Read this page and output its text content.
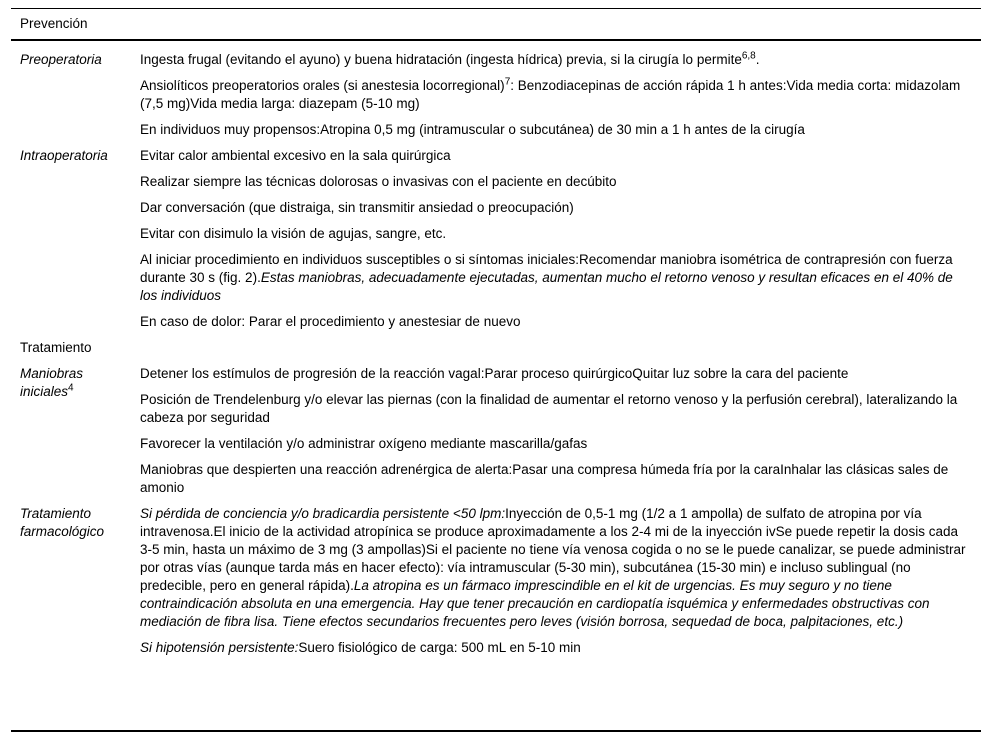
Prevención
Preoperatoria	Ingesta frugal (evitando el ayuno) y buena hidratación (ingesta hídrica) previa, si la cirugía lo permite$^{6,8}$.

Ansiolíticos preoperatorios orales (si anestesia locorregional)$^7$: Benzodiacepinas de acción rápida 1 h antes:Vida media corta: midazolam (7,5 mg)Vida media larga: diazepam (5-10 mg)

En individuos muy propensos:Atropina 0,5 mg (intramuscular o subcutánea) de 30 min a 1 h antes de la cirugía

Intraoperatoria	Evitar calor ambiental excesivo en la sala quirúrgica

Realizar siempre las técnicas dolorosas o invasivas con el paciente en decúbito

Dar conversación (que distraiga, sin transmitir ansiedad o preocupación)

Evitar con disimulo la visión de agujas, sangre, etc.

Al iniciar procedimiento en individuos susceptibles o si síntomas iniciales:Recomendar maniobra isométrica de contrapresión con fuerza durante 30 s (fig. 2).Estas maniobras, adecuadamente ejecutadas, aumentan mucho el retorno venoso y resultan eficaces en el 40% de los individuos

En caso de dolor: Parar el procedimiento y anestesiar de nuevo

Tratamiento
Maniobras iniciales$^4$

Detener los estímulos de progresión de la reacción vagal:Parar proceso quirúrgicoQuitar luz sobre la cara del paciente

Posición de Trendelenburg y/o elevar las piernas (con la finalidad de aumentar el retorno venoso y la perfusión cerebral), lateralizando la cabeza por seguridad

Favorecer la ventilación y/o administrar oxígeno mediante mascarilla/gafas

Maniobras que despierten una reacción adrenérgica de alerta:Pasar una compresa húmeda fría por la caraInhalar las clásicas sales de amonio

Tratamiento farmacológico

Si pérdida de conciencia y/o bradicardia persistente <50 lpm:Inyección de 0,5-1 mg (1/2 a 1 ampolla) de sulfato de atropina por vía intravenosa.El inicio de la actividad atropínica se produce aproximadamente a los 2-4 mi de la inyección ivSe puede repetir la dosis cada 3-5 min, hasta un máximo de 3 mg (3 ampollas)Si el paciente no tiene vía venosa cogida o no se le puede canalizar, se puede administrar por otras vías (aunque tarda más en hacer efecto): vía intramuscular (5-30 min), subcutánea (15-30 min) e incluso sublingual (no predecible, pero en general rápida).La atropina es un fármaco imprescindible en el kit de urgencias. Es muy seguro y no tiene contraindicación absoluta en una emergencia. Hay que tener precaución en cardiopatía isquémica y enfermedades obstructivas con mediación de fibra lisa. Tiene efectos secundarios frecuentes pero leves (visión borrosa, sequedad de boca, palpitaciones, etc.)

Si hipotensión persistente:Suero fisiológico de carga: 500 mL en 5-10 min
